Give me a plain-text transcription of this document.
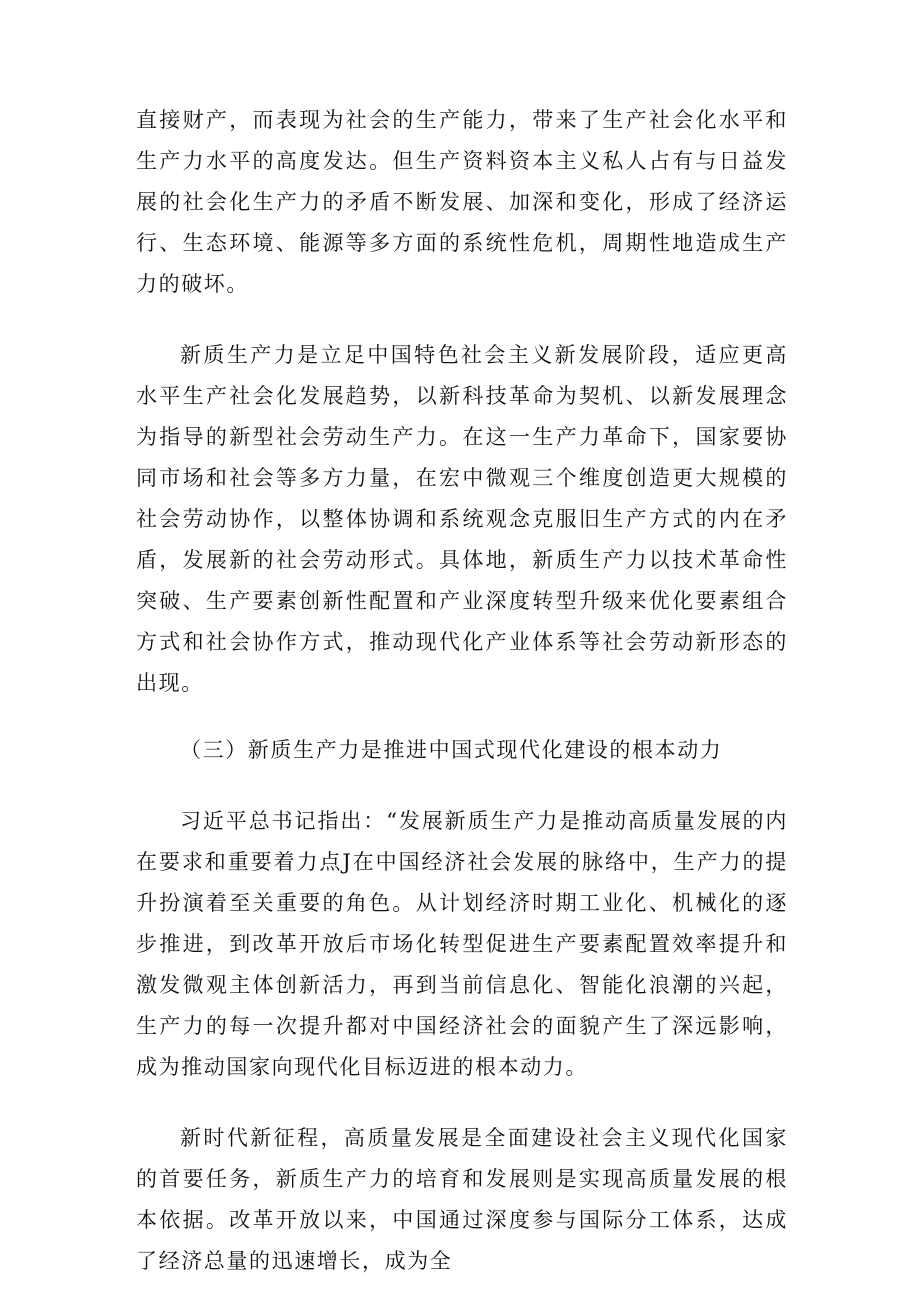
直接财产，而表现为社会的生产能力，带来了生产社会化水平和生产力水平的高度发达。但生产资料资本主义私人占有与日益发展的社会化生产力的矛盾不断发展、加深和变化，形成了经济运行、生态环境、能源等多方面的系统性危机，周期性地造成生产力的破坏。

新质生产力是立足中国特色社会主义新发展阶段，适应更高水平生产社会化发展趋势，以新科技革命为契机、以新发展理念为指导的新型社会劳动生产力。在这一生产力革命下，国家要协同市场和社会等多方力量，在宏中微观三个维度创造更大规模的社会劳动协作，以整体协调和系统观念克服旧生产方式的内在矛盾，发展新的社会劳动形式。具体地，新质生产力以技术革命性突破、生产要素创新性配置和产业深度转型升级来优化要素组合方式和社会协作方式，推动现代化产业体系等社会劳动新形态的出现。

（三）新质生产力是推进中国式现代化建设的根本动力

习近平总书记指出：“发展新质生产力是推动高质量发展的内在要求和重要着力点J在中国经济社会发展的脉络中，生产力的提升扮演着至关重要的角色。从计划经济时期工业化、机械化的逐步推进，到改革开放后市场化转型促进生产要素配置效率提升和激发微观主体创新活力，再到当前信息化、智能化浪潮的兴起，生产力的每一次提升都对中国经济社会的面貌产生了深远影响，成为推动国家向现代化目标迈进的根本动力。

新时代新征程，高质量发展是全面建设社会主义现代化国家的首要任务，新质生产力的培育和发展则是实现高质量发展的根本依据。改革开放以来，中国通过深度参与国际分工体系，达成了经济总量的迅速增长，成为全
